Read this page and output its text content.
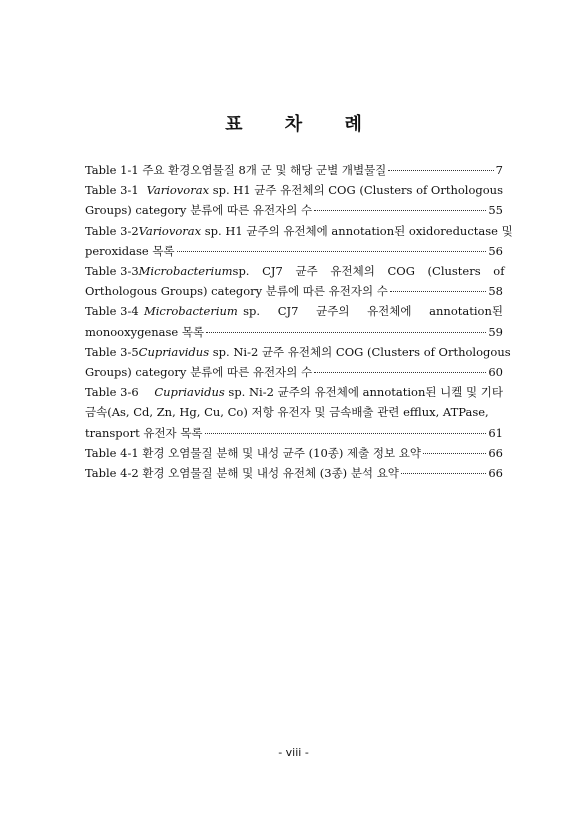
표 차 례
Table 1-1 주요 환경오염물질 8개 군 및 해당 군별 개별물질	7
Table 3-1 Variovorax sp. H1 균주 유전체의 COG (Clusters of Orthologous
Groups) category 분류에 따른 유전자의 수	55
Table 3-2 Variovorax sp. H1 균주의 유전체에 annotation된 oxidoreductase 및
peroxidase 목록	56
Table 3-3 Microbacterium sp. CJ7 균주 유전체의 COG (Clusters of
Orthologous Groups) category 분류에 따른 유전자의 수	58
Table 3-4 Microbacterium sp. CJ7 균주의 유전체에 annotation된
monooxygenase 목록	59
Table 3-5 Cupriavidus sp. Ni-2 균주 유전체의 COG (Clusters of Orthologous
Groups) category 분류에 따른 유전자의 수	60
Table 3-6 Cupriavidus sp. Ni-2 균주의 유전체에 annotation된 니켈 및 기타
금속(As, Cd, Zn, Hg, Cu, Co) 저항 유전자 및 금속배출 관련 efflux, ATPase,
transport 유전자 목록	61
Table 4-1 환경 오염물질 분해 및 내성 균주 (10종) 제출 정보 요약	66
Table 4-2 환경 오염물질 분해 및 내성 유전체 (3종) 분석 요약	66
- viii -
